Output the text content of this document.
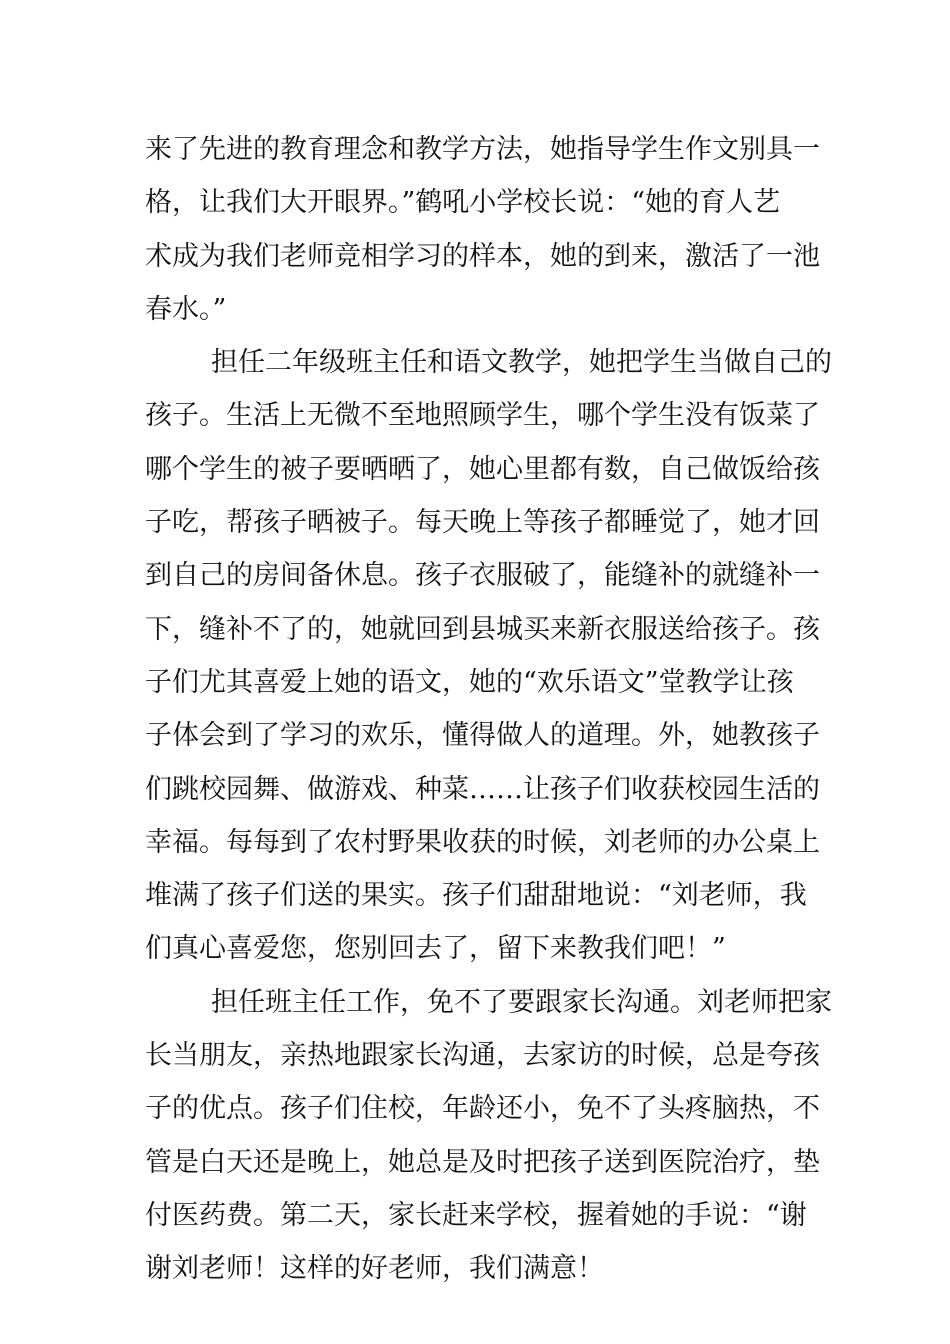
来了先进的教育理念和教学方法，她指导学生作文别具一
格，让我们大开眼界。”鹤吼小学校长说：“她的育人艺
术成为我们老师竞相学习的样本，她的到来，激活了一池
春水。”
担任二年级班主任和语文教学，她把学生当做自己的
孩子。生活上无微不至地照顾学生，哪个学生没有饭菜了
哪个学生的被子要晒晒了，她心里都有数，自己做饭给孩
子吃，帮孩子晒被子。每天晚上等孩子都睡觉了，她才回
到自己的房间备休息。孩子衣服破了，能缝补的就缝补一
下，缝补不了的，她就回到县城买来新衣服送给孩子。孩
子们尤其喜爱上她的语文，她的“欢乐语文”堂教学让孩
子体会到了学习的欢乐，懂得做人的道理。外，她教孩子
们跳校园舞、做游戏、种菜……让孩子们收获校园生活的
幸福。每每到了农村野果收获的时候，刘老师的办公桌上
堆满了孩子们送的果实。孩子们甜甜地说：“刘老师，我
们真心喜爱您，您别回去了，留下来教我们吧！”
担任班主任工作，免不了要跟家长沟通。刘老师把家
长当朋友，亲热地跟家长沟通，去家访的时候，总是夸孩
子的优点。孩子们住校，年龄还小，免不了头疼脑热，不
管是白天还是晚上，她总是及时把孩子送到医院治疗，垫
付医药费。第二天，家长赶来学校，握着她的手说：“谢
谢刘老师！这样的好老师，我们满意！
